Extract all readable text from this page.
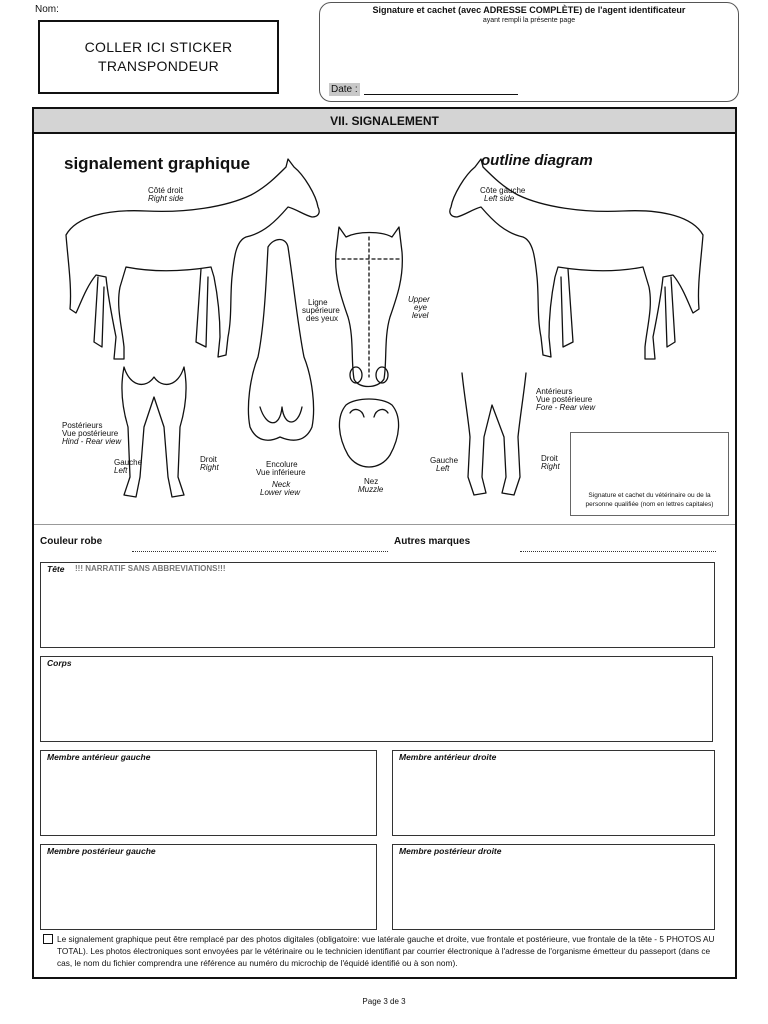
Nom:
COLLER ICI STICKER
TRANSPONDEUR
Signature et cachet (avec ADRESSE COMPLÈTE) de l'agent identificateur
ayant rempli la présente page
Date :
VII. SIGNALEMENT
signalement graphique	outline diagram
Côté droit
Right side
Côte gauche
Left side
Ligne
supérieure
des yeux
Upper
eye
level
Postérieurs
Vue postérieure
Hind - Rear view
Antérieurs
Vue postérieure
Fore - Rear view
Gauche
Left
Droit
Right
Gauche
Left
Droit
Right
Encolure
Vue inférieure
Neck
Lower view
Nez
Muzzle
Signature et cachet du vétérinaire ou de la personne qualifiée (nom en lettres capitales)
Couleur robe	Autres marques
Tête !!! NARRATIF SANS ABBREVIATIONS!!!
Corps
Membre antérieur gauche	Membre antérieur droite
Membre postérieur gauche	Membre postérieur droite
Le signalement graphique peut être remplacé par des photos digitales (obligatoire: vue latérale gauche et droite, vue frontale et postérieure, vue frontale de la tête - 5 PHOTOS AU TOTAL). Les photos électroniques sont envoyées par le vétérinaire ou le technicien identifiant par courrier électronique à l'adresse de l'organisme émetteur du passeport (dans ce cas, le nom du fichier comprendra une référence au numéro du microchip de l'équidé identifié ou à son nom).
Page 3 de 3
